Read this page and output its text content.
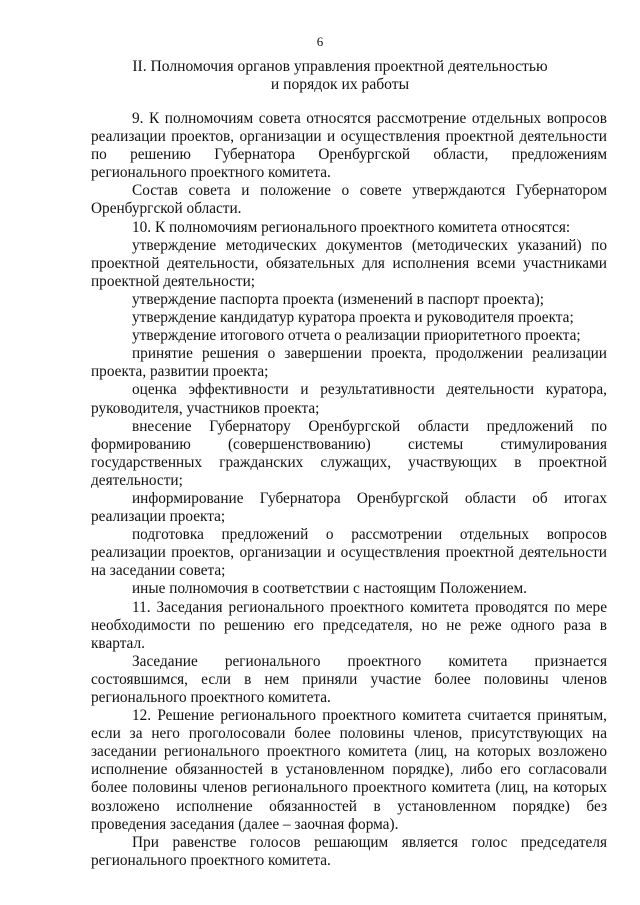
6
II. Полномочия органов управления проектной деятельностью
и порядок их работы

9. К полномочиям совета относятся рассмотрение отдельных вопросов реализации проектов, организации и осуществления проектной деятельности по решению Губернатора Оренбургской области, предложениям регионального проектного комитета.

Состав совета и положение о совете утверждаются Губернатором Оренбургской области.

10. К полномочиям регионального проектного комитета относятся:

утверждение методических документов (методических указаний) по проектной деятельности, обязательных для исполнения всеми участниками проектной деятельности;

утверждение паспорта проекта (изменений в паспорт проекта);

утверждение кандидатур куратора проекта и руководителя проекта;

утверждение итогового отчета о реализации приоритетного проекта;

принятие решения о завершении проекта, продолжении реализации проекта, развитии проекта;

оценка эффективности и результативности деятельности куратора, руководителя, участников проекта;

внесение Губернатору Оренбургской области предложений по формированию (совершенствованию) системы стимулирования государственных гражданских служащих, участвующих в проектной деятельности;

информирование Губернатора Оренбургской области об итогах реализации проекта;

подготовка предложений о рассмотрении отдельных вопросов реализации проектов, организации и осуществления проектной деятельности на заседании совета;

иные полномочия в соответствии с настоящим Положением.

11. Заседания регионального проектного комитета проводятся по мере необходимости по решению его председателя, но не реже одного раза в квартал.

Заседание регионального проектного комитета признается состоявшимся, если в нем приняли участие более половины членов регионального проектного комитета.

12. Решение регионального проектного комитета считается принятым, если за него проголосовали более половины членов, присутствующих на заседании регионального проектного комитета (лиц, на которых возложено исполнение обязанностей в установленном порядке), либо его согласовали более половины членов регионального проектного комитета (лиц, на которых возложено исполнение обязанностей в установленном порядке) без проведения заседания (далее – заочная форма).

При равенстве голосов решающим является голос председателя регионального проектного комитета.
